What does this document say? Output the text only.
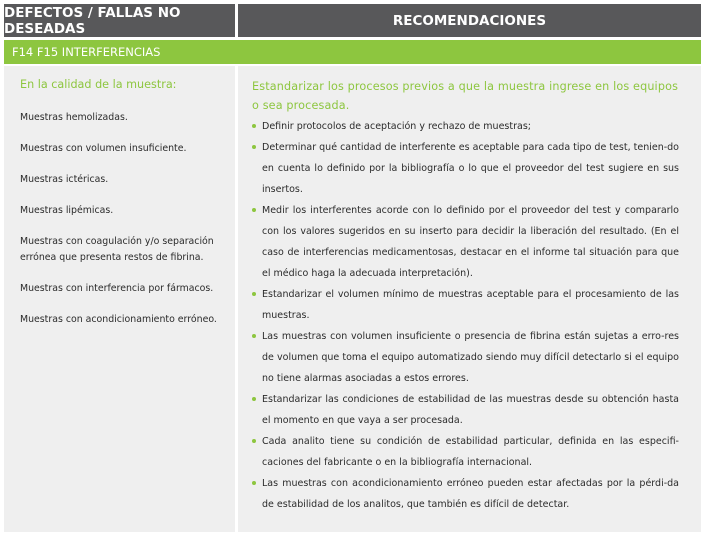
DEFECTOS / FALLAS NO DESEADAS	RECOMENDACIONES
F14 F15 INTERFERENCIAS
En la calidad de la muestra:
Muestras hemolizadas.
Muestras con volumen insuficiente.
Muestras ictéricas.
Muestras lipémicas.
Muestras con coagulación y/o separación errónea que presenta restos de fibrina.
Muestras con interferencia por fármacos.
Muestras con acondicionamiento erróneo.
Estandarizar los procesos previos a que la muestra ingrese en los equipos o sea procesada.
Definir protocolos de aceptación y rechazo de muestras;
Determinar qué cantidad de interferente es aceptable para cada tipo de test, tenien-do en cuenta lo definido por la bibliografía o lo que el proveedor del test sugiere en sus insertos.
Medir los interferentes acorde con lo definido por el proveedor del test y compararlo con los valores sugeridos en su inserto para decidir la liberación del resultado. (En el caso de interferencias medicamentosas, destacar en el informe tal situación para que el médico haga la adecuada interpretación).
Estandarizar el volumen mínimo de muestras aceptable para el procesamiento de las muestras.
Las muestras con volumen insuficiente o presencia de fibrina están sujetas a erro-res de volumen que toma el equipo automatizado siendo muy difícil detectarlo si el equipo no tiene alarmas asociadas a estos errores.
Estandarizar las condiciones de estabilidad de las muestras desde su obtención hasta el momento en que vaya a ser procesada.
Cada analito tiene su condición de estabilidad particular, definida en las especifi-caciones del fabricante o en la bibliografía internacional.
Las muestras con acondicionamiento erróneo pueden estar afectadas por la pérdi-da de estabilidad de los analitos, que también es difícil de detectar.
